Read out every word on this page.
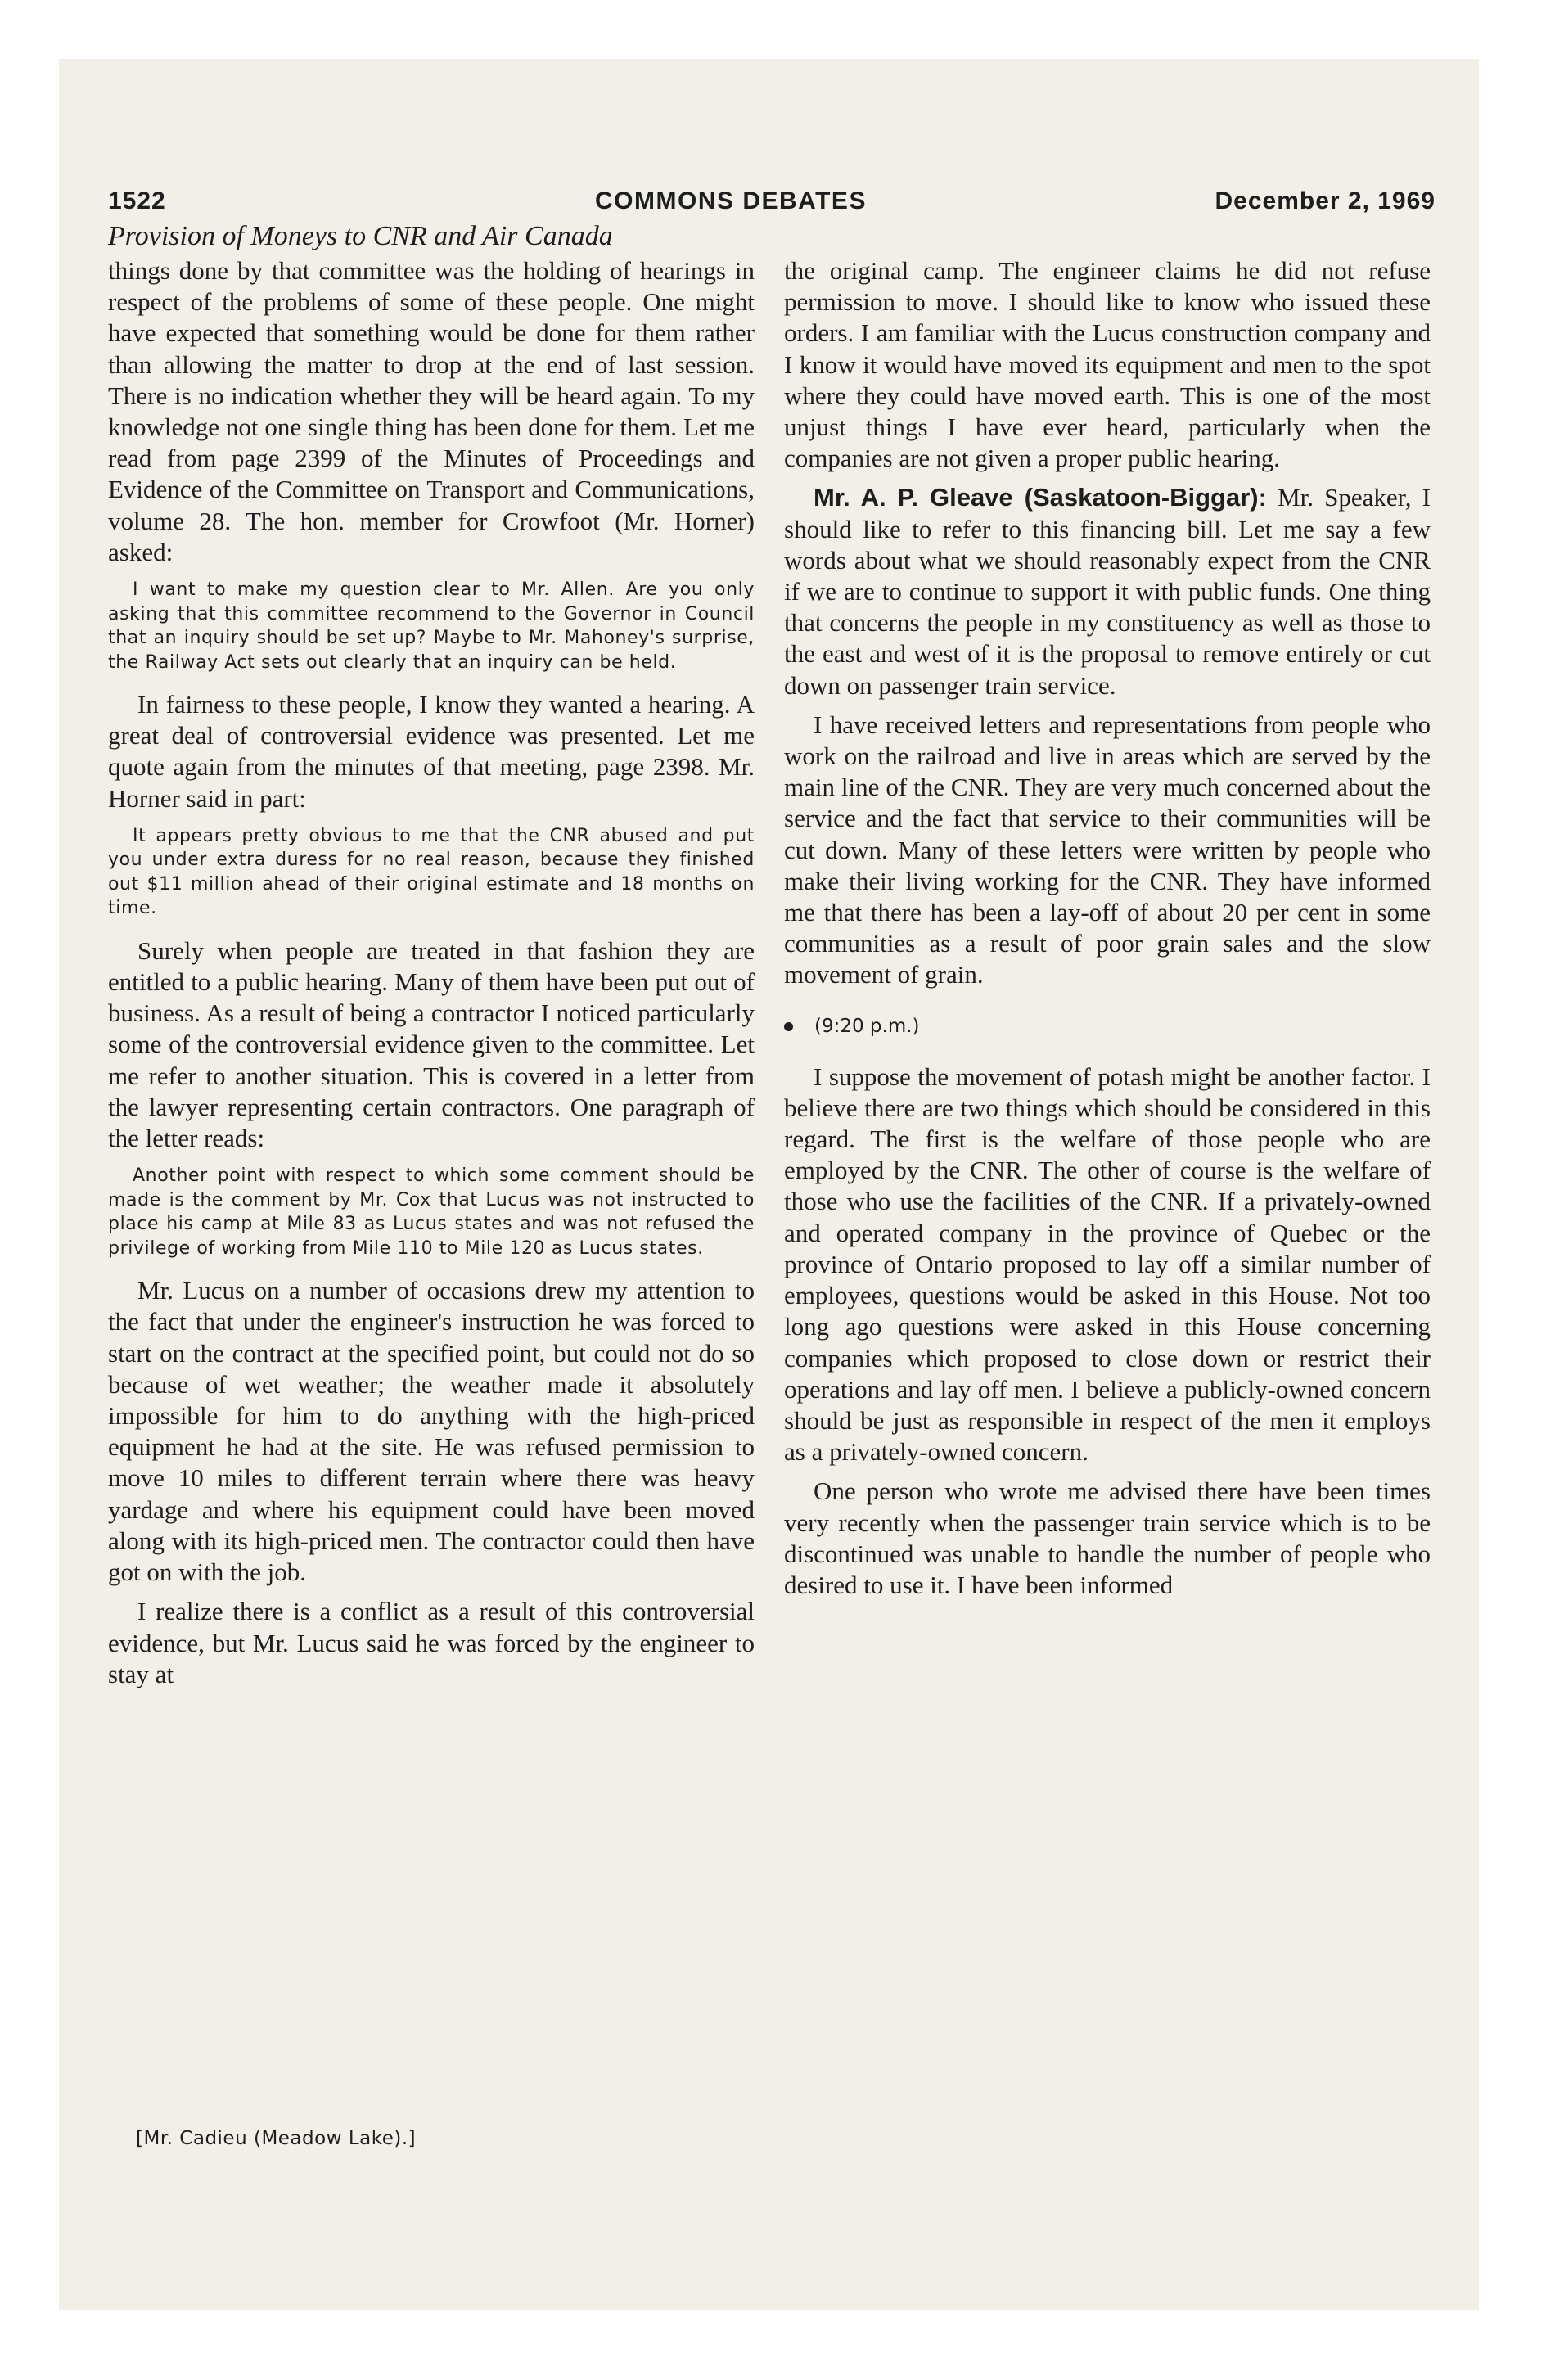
1522	COMMONS DEBATES	December 2, 1969
Provision of Moneys to CNR and Air Canada

things done by that committee was the holding of hearings in respect of the problems of some of these people. One might have expected that something would be done for them rather than allowing the matter to drop at the end of last session. There is no indication whether they will be heard again. To my knowledge not one single thing has been done for them. Let me read from page 2399 of the Minutes of Proceedings and Evidence of the Committee on Transport and Communications, volume 28. The hon. member for Crowfoot (Mr. Horner) asked:

I want to make my question clear to Mr. Allen. Are you only asking that this committee recommend to the Governor in Council that an inquiry should be set up? Maybe to Mr. Mahoney's surprise, the Railway Act sets out clearly that an inquiry can be held.

In fairness to these people, I know they wanted a hearing. A great deal of controversial evidence was presented. Let me quote again from the minutes of that meeting, page 2398. Mr. Horner said in part:

It appears pretty obvious to me that the CNR abused and put you under extra duress for no real reason, because they finished out $11 million ahead of their original estimate and 18 months on time.

Surely when people are treated in that fashion they are entitled to a public hearing. Many of them have been put out of business. As a result of being a contractor I noticed particularly some of the controversial evidence given to the committee. Let me refer to another situation. This is covered in a letter from the lawyer representing certain contractors. One paragraph of the letter reads:

Another point with respect to which some comment should be made is the comment by Mr. Cox that Lucus was not instructed to place his camp at Mile 83 as Lucus states and was not refused the privilege of working from Mile 110 to Mile 120 as Lucus states.

Mr. Lucus on a number of occasions drew my attention to the fact that under the engineer's instruction he was forced to start on the contract at the specified point, but could not do so because of wet weather; the weather made it absolutely impossible for him to do anything with the high-priced equipment he had at the site. He was refused permission to move 10 miles to different terrain where there was heavy yardage and where his equipment could have been moved along with its high-priced men. The contractor could then have got on with the job.

I realize there is a conflict as a result of this controversial evidence, but Mr. Lucus said he was forced by the engineer to stay at

the original camp. The engineer claims he did not refuse permission to move. I should like to know who issued these orders. I am familiar with the Lucus construction company and I know it would have moved its equipment and men to the spot where they could have moved earth. This is one of the most unjust things I have ever heard, particularly when the companies are not given a proper public hearing.

Mr. A. P. Gleave (Saskatoon-Biggar): Mr. Speaker, I should like to refer to this financing bill. Let me say a few words about what we should reasonably expect from the CNR if we are to continue to support it with public funds. One thing that concerns the people in my constituency as well as those to the east and west of it is the proposal to remove entirely or cut down on passenger train service.

I have received letters and representations from people who work on the railroad and live in areas which are served by the main line of the CNR. They are very much concerned about the service and the fact that service to their communities will be cut down. Many of these letters were written by people who make their living working for the CNR. They have informed me that there has been a lay-off of about 20 per cent in some communities as a result of poor grain sales and the slow movement of grain.

(9:20 p.m.)

I suppose the movement of potash might be another factor. I believe there are two things which should be considered in this regard. The first is the welfare of those people who are employed by the CNR. The other of course is the welfare of those who use the facilities of the CNR. If a privately-owned and operated company in the province of Quebec or the province of Ontario proposed to lay off a similar number of employees, questions would be asked in this House. Not too long ago questions were asked in this House concerning companies which proposed to close down or restrict their operations and lay off men. I believe a publicly-owned concern should be just as responsible in respect of the men it employs as a privately-owned concern.

One person who wrote me advised there have been times very recently when the passenger train service which is to be discontinued was unable to handle the number of people who desired to use it. I have been informed

[Mr. Cadieu (Meadow Lake).]
